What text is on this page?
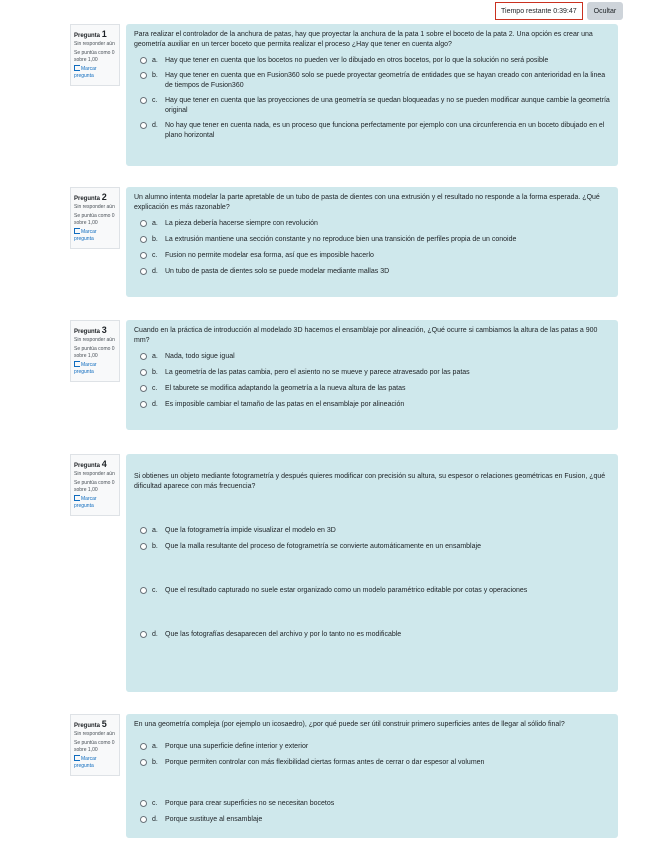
Tiempo restante 0:39:47	Ocultar
Pregunta 1
Sin responder aún
Se puntúa como 0 sobre 1,00
Marcar pregunta

Para realizar el controlador de la anchura de patas, hay que proyectar la anchura de la pata 1 sobre el boceto de la pata 2. Una opción es crear una geometría auxiliar en un tercer boceto que permita realizar el proceso ¿Hay que tener en cuenta algo?

a.	Hay que tener en cuenta que los bocetos no pueden ver lo dibujado en otros bocetos, por lo que la solución no será posible
b.	Hay que tener en cuenta que en Fusion360 solo se puede proyectar geometría de entidades que se hayan creado con anterioridad en la linea de tiempos de Fusion360
c.	Hay que tener en cuenta que las proyecciones de una geometría se quedan bloqueadas y no se pueden modificar aunque cambie la geometría original
d.	No hay que tener en cuenta nada, es un proceso que funciona perfectamente por ejemplo con una circunferencia en un boceto dibujado en el plano horizontal
Pregunta 2
Sin responder aún
Se puntúa como 0 sobre 1,00
Marcar pregunta

Un alumno intenta modelar la parte apretable de un tubo de pasta de dientes con una extrusión y el resultado no responde a la forma esperada. ¿Qué explicación es más razonable?

a.	La pieza debería hacerse siempre con revolución
b.	La extrusión mantiene una sección constante y no reproduce bien una transición de perfiles propia de un conoide
c.	Fusion no permite modelar esa forma, así que es imposible hacerlo
d.	Un tubo de pasta de dientes solo se puede modelar mediante mallas 3D
Pregunta 3
Sin responder aún
Se puntúa como 0 sobre 1,00
Marcar pregunta

Cuando en la práctica de introducción al modelado 3D hacemos el ensamblaje por alineación, ¿Qué ocurre si cambiamos la altura de las patas a 900 mm?

a.	Nada, todo sigue igual
b.	La geometría de las patas cambia, pero el asiento no se mueve y parece atravesado por las patas
c.	El taburete se modifica adaptando la geometría a la nueva altura de las patas
d.	Es imposible cambiar el tamaño de las patas en el ensamblaje por alineación
Pregunta 4
Sin responder aún
Se puntúa como 0 sobre 1,00
Marcar pregunta

Si obtienes un objeto mediante fotogrametría y después quieres modificar con precisión su altura, su espesor o relaciones geométricas en Fusion, ¿qué dificultad aparece con más frecuencia?

a.	Que la fotogrametría impide visualizar el modelo en 3D
b.	Que la malla resultante del proceso de fotogrametría se convierte automáticamente en un ensamblaje
c.	Que el resultado capturado no suele estar organizado como un modelo paramétrico editable por cotas y operaciones
d.	Que las fotografías desaparecen del archivo y por lo tanto no es modificable
Pregunta 5
Sin responder aún
Se puntúa como 0 sobre 1,00
Marcar pregunta

En una geometría compleja (por ejemplo un icosaedro), ¿por qué puede ser útil construir primero superficies antes de llegar al sólido final?

a.	Porque una superficie define interior y exterior
b.	Porque permiten controlar con más flexibilidad ciertas formas antes de cerrar o dar espesor al volumen
c.	Porque para crear superficies no se necesitan bocetos
d.	Porque sustituye al ensamblaje
